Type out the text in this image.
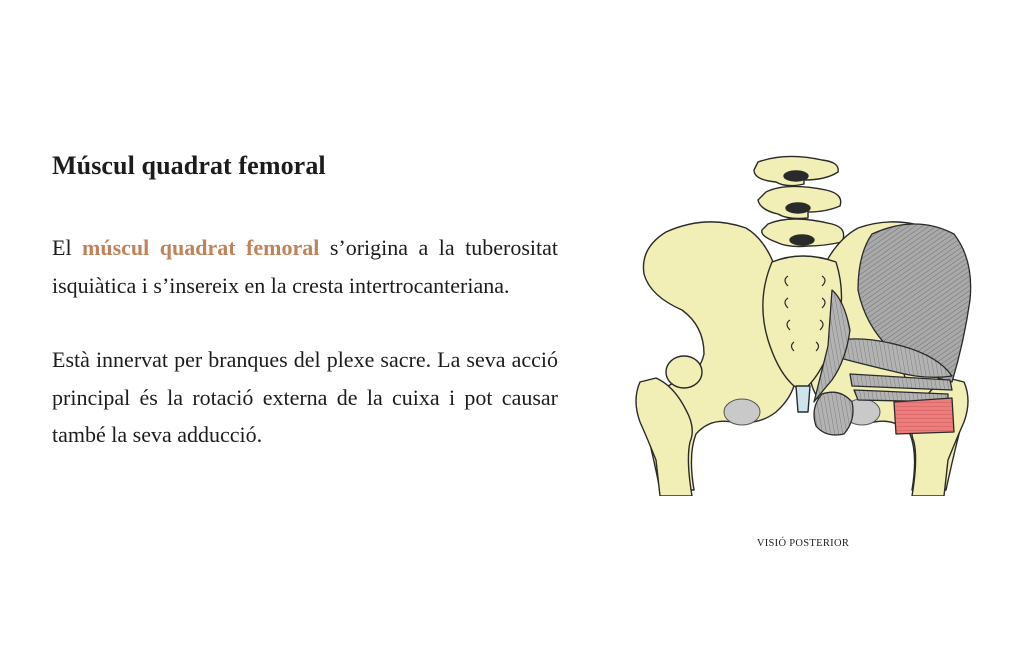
Múscul quadrat femoral

El múscul quadrat femoral s’origina a la tuberositat isquiàtica i s’insereix en la cresta intertrocanteriana.

Està innervat per branques del plexe sacre. La seva acció principal és la rotació externa de la cuixa i pot causar també la seva adducció.

VISIÓ POSTERIOR
